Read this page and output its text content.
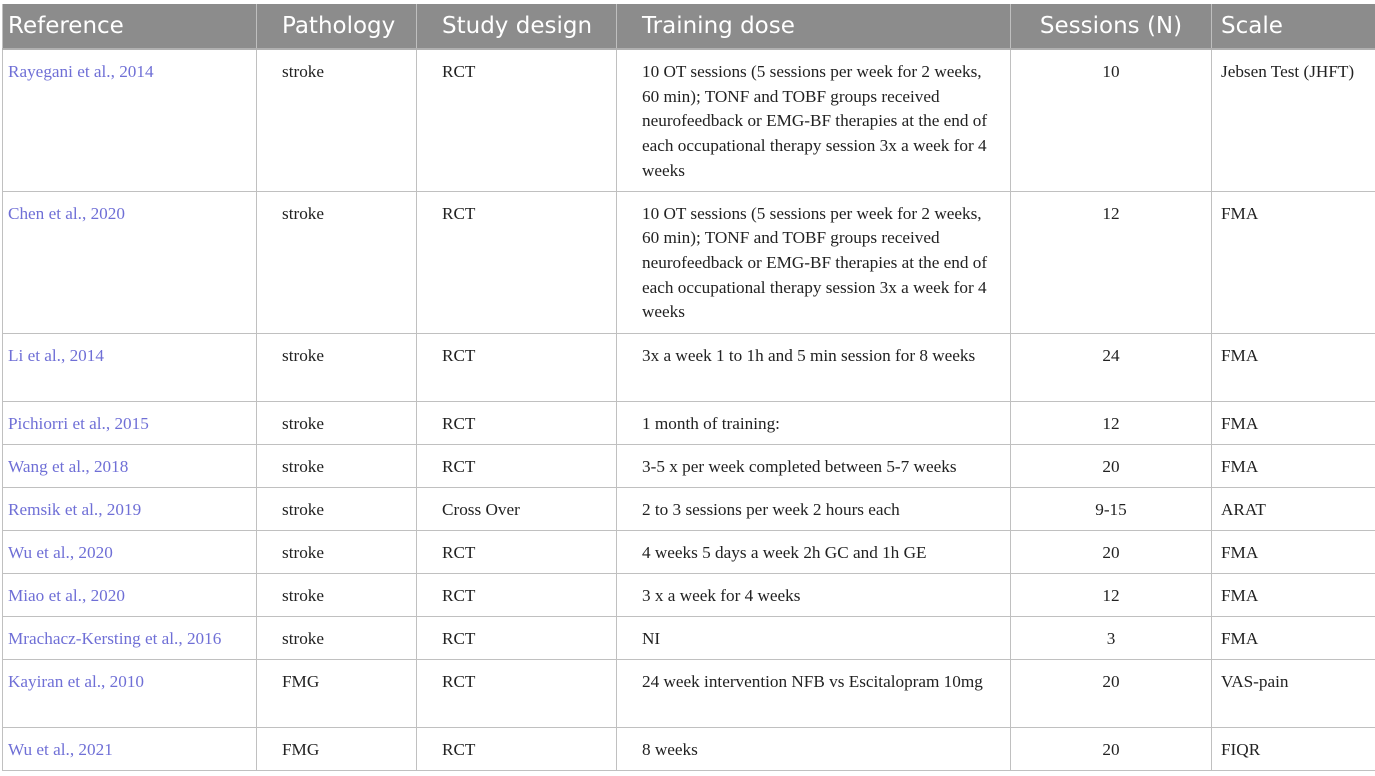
Reference	Pathology	Study design	Training dose	Sessions (N)	Scale
Rayegani et al., 2014	stroke	RCT	10 OT sessions (5 sessions per week for 2 weeks, 60 min); TONF and TOBF groups received neurofeedback or EMG-BF therapies at the end of each occupational therapy session 3x a week for 4 weeks	10	Jebsen Test (JHFT)
Chen et al., 2020	stroke	RCT	10 OT sessions (5 sessions per week for 2 weeks, 60 min); TONF and TOBF groups received neurofeedback or EMG-BF therapies at the end of each occupational therapy session 3x a week for 4 weeks	12	FMA
Li et al., 2014	stroke	RCT	3x a week 1 to 1h and 5 min session for 8 weeks	24	FMA
Pichiorri et al., 2015	stroke	RCT	1 month of training:	12	FMA
Wang et al., 2018	stroke	RCT	3-5 x per week completed between 5-7 weeks	20	FMA
Remsik et al., 2019	stroke	Cross Over	2 to 3 sessions per week 2 hours each	9-15	ARAT
Wu et al., 2020	stroke	RCT	4 weeks 5 days a week 2h GC and 1h GE	20	FMA
Miao et al., 2020	stroke	RCT	3 x a week for 4 weeks	12	FMA
Mrachacz-Kersting et al., 2016	stroke	RCT	NI	3	FMA
Kayiran et al., 2010	FMG	RCT	24 week intervention NFB vs Escitalopram 10mg	20	VAS-pain
Wu et al., 2021	FMG	RCT	8 weeks	20	FIQR
